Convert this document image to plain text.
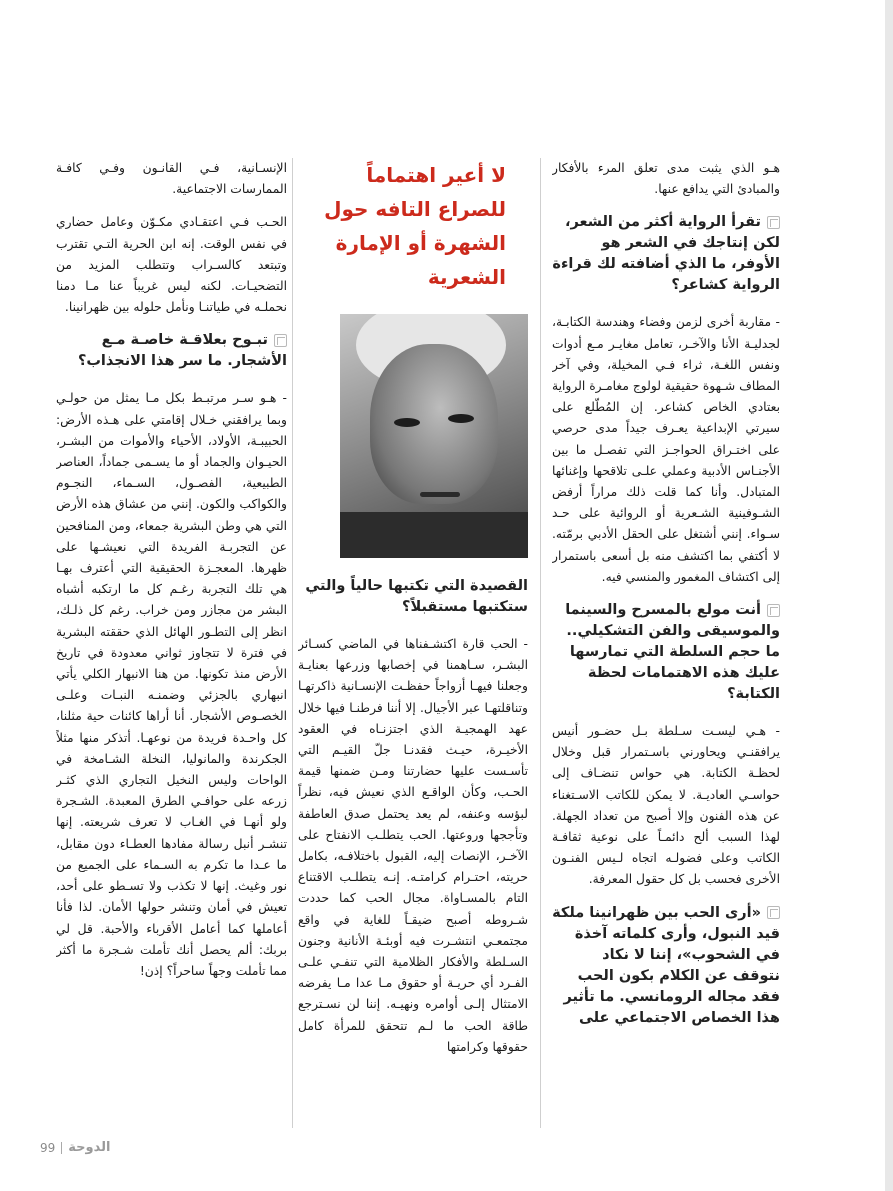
هـو الذي يثبت مدى تعلق المرء بالأفكار والمبادئ التي يدافع عنها.

تقرأ الرواية أكثر من الشعر، لكن إنتاجك في الشعر هو الأوفر، ما الذي أضافته لك قراءة الرواية كشاعر؟

- مقاربة أخرى لزمن وفضاء وهندسة الكتابـة، لجدليـة الأنا والآخـر، تعامل مغايـر مـع أدوات ونفس اللغـة، ثراء فـي المخيلة، وفي آخر المطاف شـهوة حقيقية لولوج مغامـرة الرواية بعتادي الخاص كشاعر. إن المُطّلع على سيرتي الإبداعية يعـرف جيداً مدى حرصي على اختـراق الحواجـز التي تفصـل ما بين الأجنـاس الأدبية وعملي علـى تلاقحها وإغنائها المتبادل. وأنا كما قلت ذلك مراراً أرفض الشـوفينية الشـعرية أو الروائية على حـد سـواء. إنني أشتغل على الحقل الأدبي برمّته. لا أكتفي بما اكتشف منه بل أسعى باستمرار إلى اكتشاف المغمور والمنسي فيه.

أنت مولع بالمسرح والسينما والموسيقى والفن التشكيلي.. ما حجم السلطة التي تمارسها عليك هذه الاهتمامات لحظة الكتابة؟

- هـي ليسـت سـلطة بـل حضـور أنيس يرافقنـي ويحاورني باسـتمرار قبل وخلال لحظـة الكتابة. هي حواس تنضـاف إلى حواسـي العاديـة. لا يمكن للكاتب الاسـتغناء عن هذه الفنون وإلا أصبح من تعداد الجهلة. لهذا السبب ألح دائمـاً على نوعية ثقافـة الكاتب وعلى فضولـه اتجاه لـيس الفنـون الأخرى فحسب بل كل حقول المعرفة.

«أرى الحب بين ظهرانينا ملكة قيد النبول، وأرى كلماته آخذة في الشحوب»، إننا لا نكاد نتوقف عن الكلام بكون الحب فقد مجاله الرومانسي. ما تأثير هذا الخصاص الاجتماعي على
لا أعير اهتماماً للصراع التافه حول الشهرة أو الإمارة الشعرية
القصيدة التي تكتبها حالياً والتي ستكتبها مستقبلاً؟

- الحب قارة اكتشـفناها في الماضي كسـائر البشـر، سـاهمنا في إخصابها وزرعها بعنايـة وجعلنا فيهـا أزواجاً حفظـت الإنسـانية ذاكرتهـا وتناقلتهـا عبر الأجيال. إلا أننا فرطنـا فيها خلال عهد الهمجيـة الذي اجتزنـاه في العقود الأخيـرة، حيـث فقدنـا جلّ القيـم التي تأسـست عليها حضارتنا ومـن ضمنها قيمة الحـب، وكأن الواقـع الذي نعيش فيه، نظراً لبؤسه وعنفه، لم يعد يحتمل صدق العاطفة وتأججها وروعتها. الحب يتطلـب الانفتاح على الآخـر، الإنصات إليه، القبول باختلافـه، بكامل حريته، احتـرام كرامتـه. إنـه يتطلـب الاقتناع التام بالمسـاواة. مجال الحب كما حددت شـروطه أصبح ضيقـاً للغاية في واقع مجتمعـي انتشـرت فيه أوبئـة الأنانية وجنون السـلطة والأفكار الظلامية التي تنفـي علـى الفـرد أي حريـة أو حقوق مـا عدا مـا يفرضه الامتثال إلـى أوامره ونهيـه. إننا لن نسـترجع طاقة الحب ما لـم تتحقق للمرأة كامل حقوقها وكرامتها

الإنسـانية، فـي القانـون وفـي كافـة الممارسات الاجتماعية.

الحـب فـي اعتقـادي مكـوّن وعامل حضاري في نفس الوقت. إنه ابن الحرية التـي تقترب وتبتعد كالسـراب وتتطلب المزيد من التضحيـات. لكنه ليس غريباً عنا مـا دمنا نحملـه في طياتنـا ونأمل حلوله بين ظهرانينا.

تبـوح بعلاقـة خاصـة مـع الأشجار. ما سر هذا الانجذاب؟

- هـو سـر مرتبـط بكل مـا يمثل من حولـي وبما يرافقني خـلال إقامتي على هـذه الأرض: الحبيبـة، الأولاد، الأحياء والأموات من البشـر، الحيـوان والجماد أو ما يسـمى جماداً، العناصر الطبيعية، الفصـول، السـماء، النجـوم والكواكب والكون. إنني من عشاق هذه الأرض التي هي وطن البشرية جمعاء، ومن المنافحين عن التجربـة الفريدة التي نعيشـها على ظهرها. المعجـزة الحقيقية التي أعترف بهـا هي تلك التجربة رغـم كل ما ارتكبه أشباه البشر من مجازر ومن خراب. رغم كل ذلـك، انظر إلى التطـور الهائل الذي حققته البشرية في فترة لا تتجاوز ثواني معدودة في تاريخ الأرض منذ تكونها. من هنا الانبهار الكلي يأتي انبهاري بالجزئي وضمنـه النبـات وعلـى الخصـوص الأشجار. أنا أراها كائنات حية مثلنا، كل واحـدة فريدة من نوعهـا. أتذكر منها مثلاً الجكرندة والمانوليا، النخلة الشـامخة في الواحات وليس النخيل التجاري الذي كثـر زرعه على حوافـي الطرق المعبدة. الشـجرة ولو أنهـا في الغـاب لا تعرف شريعته. إنها تنشـر أنبل رسالة مفادها العطـاء دون مقابل، ما عـدا ما تكرم به السـماء على الجميع من نور وغيث. إنها لا تكذب ولا تسـطو على أحد، تعيش في أمان وتنشر حولها الأمان. لذا فأنا أعاملها كما أعامل الأقرباء والأحبة. قل لي بربك: ألم يحصل أنك تأملت شـجرة ما أكثر مما تأملت وجهاً ساحراً؟ إذن!

99 الدوحة
